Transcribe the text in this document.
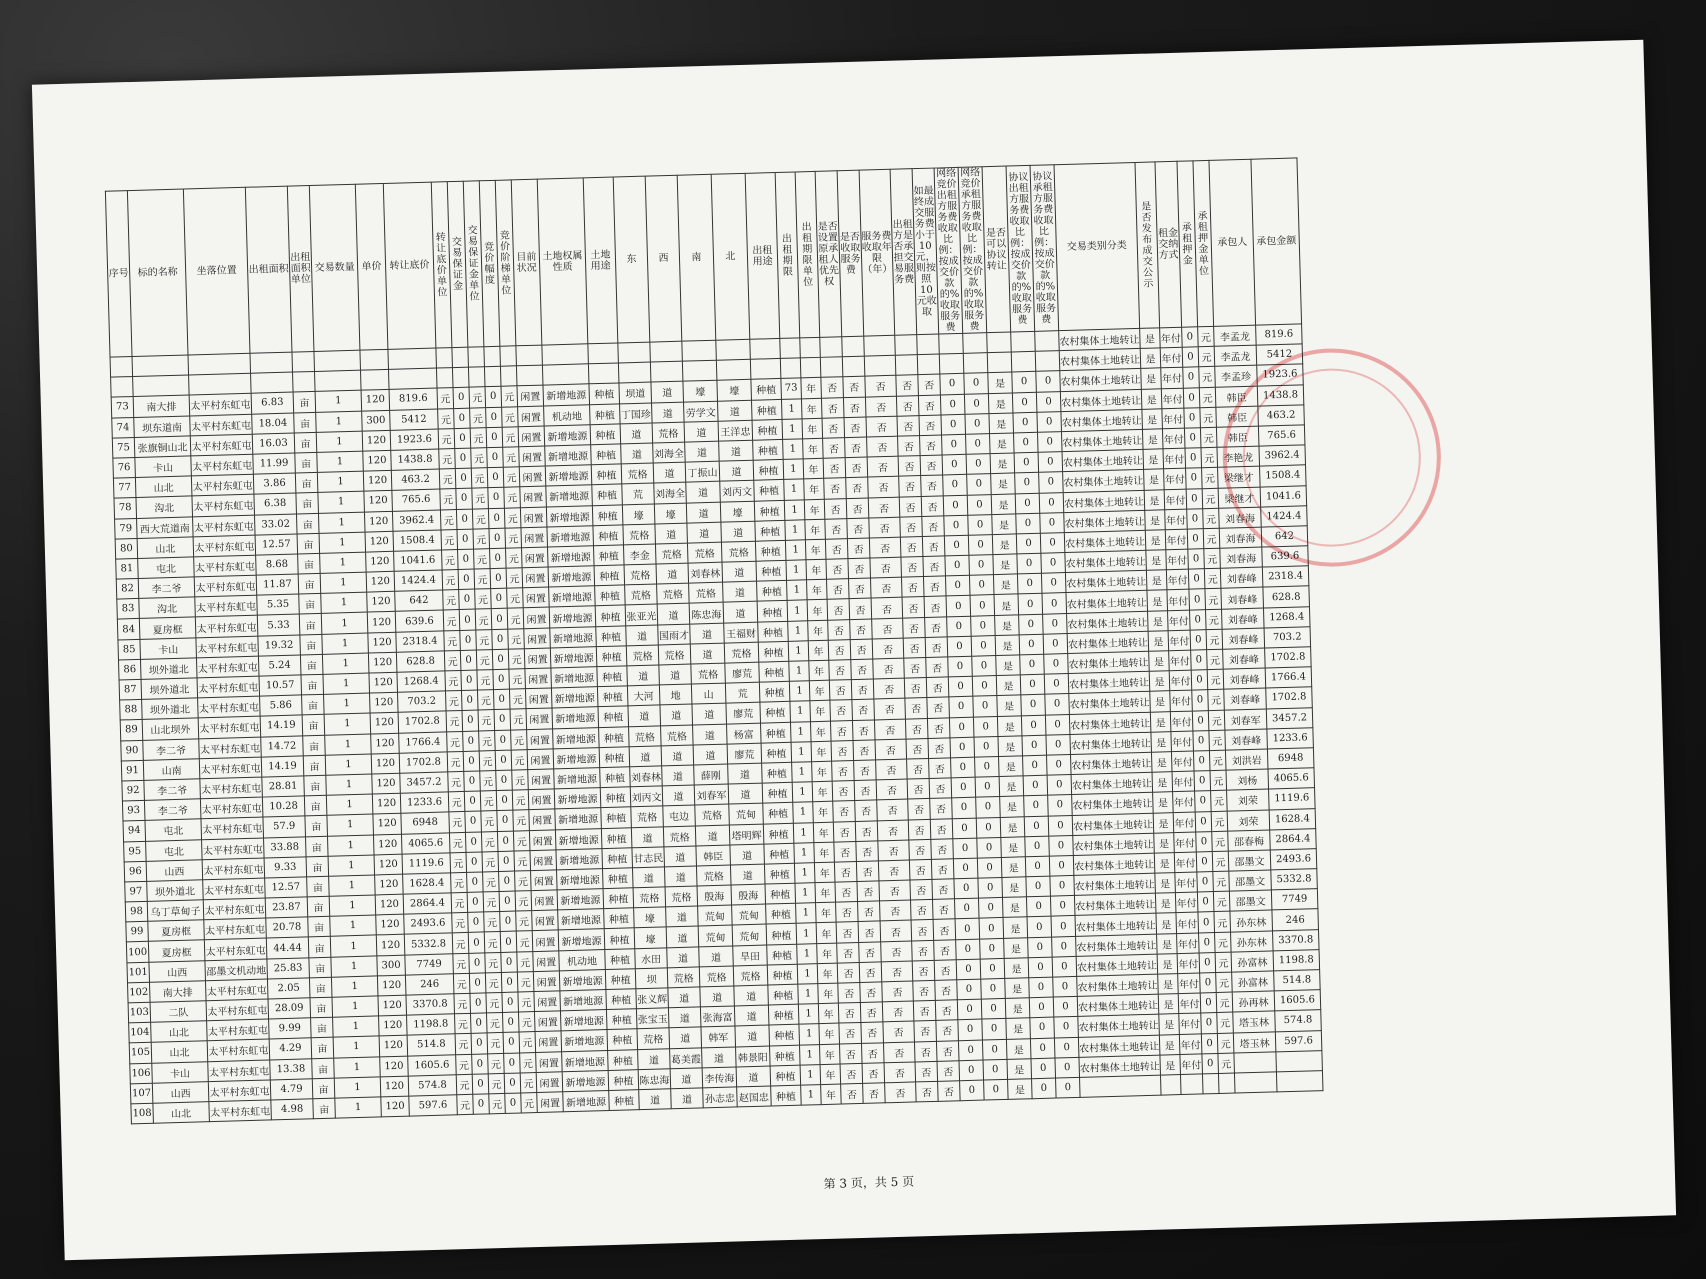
序号	标的名称	坐落位置	出租面积	出租面积单位	交易数量	单价	转让底价	转让底价单位	交易保证金	交易保证金单位	竞价幅度	竞价阶梯单位	目前状况	土地权属性质	土地用途	东	西	南	北	出租用途	出租期限	出租期限单位	是否设置原承租人优先权	是否收取服务费	服务费收取年限（年）	出租方是否承担交易服务费	如最终成交服务费小于10元，则按照10元收取	网络竞价出租方服务费收取比例：按成交价款的%收取服务费	网络竞价承租方服务费收取比例：按成交价款的%收取服务费	是否可以协议转让	协议出租方服务费收取比例：按成交价款的%收取服务费	协议承租方服务费收取比例：按成交价款的%收取服务费	交易类别分类	是否发布成交公示	租金交纳方式	承租押金	承租押金单位	承包人	承包金额
																																	农村集体土地转让	是	年付	0	元	李孟龙	819.6
																																	农村集体土地转让	是	年付	0	元	李孟龙	5412
73	南大排	太平村东虹屯	6.83	亩	1	120	819.6	元	0	元	0	元	闲置	新增地源	种植	坝道	道	壕	壕	种植	73	年	否	否	否	否	否	0	0	是	0	0	农村集体土地转让	是	年付	0	元	李孟珍	1923.6
74	坝东道南	太平村东虹屯	18.04	亩	1	300	5412	元	0	元	0	元	闲置	机动地	种植	丁国珍	道	劳学文	道	种植	1	年	否	否	否	否	否	0	0	是	0	0	农村集体土地转让	是	年付	0	元	韩臣	1438.8
75	张旗铜山北	太平村东虹屯	16.03	亩	1	120	1923.6	元	0	元	0	元	闲置	新增地源	种植	道	荒格	道	王洋忠	种植	1	年	否	否	否	否	否	0	0	是	0	0	农村集体土地转让	是	年付	0	元	韩臣	463.2
76	卡山	太平村东虹屯	11.99	亩	1	120	1438.8	元	0	元	0	元	闲置	新增地源	种植	道	刘海全	道	道	种植	1	年	否	否	否	否	否	0	0	是	0	0	农村集体土地转让	是	年付	0	元	韩臣	765.6
77	山北	太平村东虹屯	3.86	亩	1	120	463.2	元	0	元	0	元	闲置	新增地源	种植	荒格	道	丁振山	道	种植	1	年	否	否	否	否	否	0	0	是	0	0	农村集体土地转让	是	年付	0	元	李艳龙	3962.4
78	沟北	太平村东虹屯	6.38	亩	1	120	765.6	元	0	元	0	元	闲置	新增地源	种植	荒	刘海全	道	刘丙文	种植	1	年	否	否	否	否	否	0	0	是	0	0	农村集体土地转让	是	年付	0	元	梁继才	1508.4
79	西大荒道南	太平村东虹屯	33.02	亩	1	120	3962.4	元	0	元	0	元	闲置	新增地源	种植	壕	壕	道	壕	种植	1	年	否	否	否	否	否	0	0	是	0	0	农村集体土地转让	是	年付	0	元	梁继才	1041.6
80	山北	太平村东虹屯	12.57	亩	1	120	1508.4	元	0	元	0	元	闲置	新增地源	种植	荒格	道	道	道	种植	1	年	否	否	否	否	否	0	0	是	0	0	农村集体土地转让	是	年付	0	元	刘春海	1424.4
81	屯北	太平村东虹屯	8.68	亩	1	120	1041.6	元	0	元	0	元	闲置	新增地源	种植	李金	荒格	荒格	荒格	种植	1	年	否	否	否	否	否	0	0	是	0	0	农村集体土地转让	是	年付	0	元	刘春海	642
82	李二爷	太平村东虹屯	11.87	亩	1	120	1424.4	元	0	元	0	元	闲置	新增地源	种植	荒格	道	刘春林	道	种植	1	年	否	否	否	否	否	0	0	是	0	0	农村集体土地转让	是	年付	0	元	刘春海	639.6
83	沟北	太平村东虹屯	5.35	亩	1	120	642	元	0	元	0	元	闲置	新增地源	种植	荒格	荒格	荒格	道	种植	1	年	否	否	否	否	否	0	0	是	0	0	农村集体土地转让	是	年付	0	元	刘春峰	2318.4
84	夏房框	太平村东虹屯	5.33	亩	1	120	639.6	元	0	元	0	元	闲置	新增地源	种植	张亚光	道	陈忠海	道	种植	1	年	否	否	否	否	否	0	0	是	0	0	农村集体土地转让	是	年付	0	元	刘春峰	628.8
85	卡山	太平村东虹屯	19.32	亩	1	120	2318.4	元	0	元	0	元	闲置	新增地源	种植	道	国雨才	道	王福财	种植	1	年	否	否	否	否	否	0	0	是	0	0	农村集体土地转让	是	年付	0	元	刘春峰	1268.4
86	坝外道北	太平村东虹屯	5.24	亩	1	120	628.8	元	0	元	0	元	闲置	新增地源	种植	荒格	荒格	道	荒格	种植	1	年	否	否	否	否	否	0	0	是	0	0	农村集体土地转让	是	年付	0	元	刘春峰	703.2
87	坝外道北	太平村东虹屯	10.57	亩	1	120	1268.4	元	0	元	0	元	闲置	新增地源	种植	道	道	荒格	廖荒	种植	1	年	否	否	否	否	否	0	0	是	0	0	农村集体土地转让	是	年付	0	元	刘春峰	1702.8
88	坝外道北	太平村东虹屯	5.86	亩	1	120	703.2	元	0	元	0	元	闲置	新增地源	种植	大河	地	山	荒	种植	1	年	否	否	否	否	否	0	0	是	0	0	农村集体土地转让	是	年付	0	元	刘春峰	1766.4
89	山北坝外	太平村东虹屯	14.19	亩	1	120	1702.8	元	0	元	0	元	闲置	新增地源	种植	道	道	道	廖荒	种植	1	年	否	否	否	否	否	0	0	是	0	0	农村集体土地转让	是	年付	0	元	刘春峰	1702.8
90	李二爷	太平村东虹屯	14.72	亩	1	120	1766.4	元	0	元	0	元	闲置	新增地源	种植	荒格	荒格	道	杨富	种植	1	年	否	否	否	否	否	0	0	是	0	0	农村集体土地转让	是	年付	0	元	刘春军	3457.2
91	山南	太平村东虹屯	14.19	亩	1	120	1702.8	元	0	元	0	元	闲置	新增地源	种植	道	道	道	廖荒	种植	1	年	否	否	否	否	否	0	0	是	0	0	农村集体土地转让	是	年付	0	元	刘春峰	1233.6
92	李二爷	太平村东虹屯	28.81	亩	1	120	3457.2	元	0	元	0	元	闲置	新增地源	种植	刘春林	道	薛刚	道	种植	1	年	否	否	否	否	否	0	0	是	0	0	农村集体土地转让	是	年付	0	元	刘洪岩	6948
93	李二爷	太平村东虹屯	10.28	亩	1	120	1233.6	元	0	元	0	元	闲置	新增地源	种植	刘丙文	道	刘春军	道	种植	1	年	否	否	否	否	否	0	0	是	0	0	农村集体土地转让	是	年付	0	元	刘杨	4065.6
94	屯北	太平村东虹屯	57.9	亩	1	120	6948	元	0	元	0	元	闲置	新增地源	种植	荒格	屯边	荒格	荒甸	种植	1	年	否	否	否	否	否	0	0	是	0	0	农村集体土地转让	是	年付	0	元	刘荣	1119.6
95	屯北	太平村东虹屯	33.88	亩	1	120	4065.6	元	0	元	0	元	闲置	新增地源	种植	道	荒格	道	塔明辉	种植	1	年	否	否	否	否	否	0	0	是	0	0	农村集体土地转让	是	年付	0	元	刘荣	1628.4
96	山西	太平村东虹屯	9.33	亩	1	120	1119.6	元	0	元	0	元	闲置	新增地源	种植	甘志民	道	韩臣	道	种植	1	年	否	否	否	否	否	0	0	是	0	0	农村集体土地转让	是	年付	0	元	邵春梅	2864.4
97	坝外道北	太平村东虹屯	12.57	亩	1	120	1628.4	元	0	元	0	元	闲置	新增地源	种植	道	道	荒格	道	种植	1	年	否	否	否	否	否	0	0	是	0	0	农村集体土地转让	是	年付	0	元	邵墨文	2493.6
98	乌丁草甸子	太平村东虹屯	23.87	亩	1	120	2864.4	元	0	元	0	元	闲置	新增地源	种植	荒格	荒格	殷海	殷海	种植	1	年	否	否	否	否	否	0	0	是	0	0	农村集体土地转让	是	年付	0	元	邵墨文	5332.8
99	夏房框	太平村东虹屯	20.78	亩	1	120	2493.6	元	0	元	0	元	闲置	新增地源	种植	壕	道	荒甸	荒甸	种植	1	年	否	否	否	否	否	0	0	是	0	0	农村集体土地转让	是	年付	0	元	邵墨文	7749
100	夏房框	太平村东虹屯	44.44	亩	1	120	5332.8	元	0	元	0	元	闲置	新增地源	种植	壕	道	荒甸	荒甸	种植	1	年	否	否	否	否	否	0	0	是	0	0	农村集体土地转让	是	年付	0	元	孙东林	246
101	山西	邵墨文机动地	25.83	亩	1	300	7749	元	0	元	0	元	闲置	机动地	种植	水田	道	道	旱田	种植	1	年	否	否	否	否	否	0	0	是	0	0	农村集体土地转让	是	年付	0	元	孙东林	3370.8
102	南大排	太平村东虹屯	2.05	亩	1	120	246	元	0	元	0	元	闲置	新增地源	种植	坝	荒格	荒格	荒格	种植	1	年	否	否	否	否	否	0	0	是	0	0	农村集体土地转让	是	年付	0	元	孙富林	1198.8
103	二队	太平村东虹屯	28.09	亩	1	120	3370.8	元	0	元	0	元	闲置	新增地源	种植	张义辉	道	道	道	种植	1	年	否	否	否	否	否	0	0	是	0	0	农村集体土地转让	是	年付	0	元	孙富林	514.8
104	山北	太平村东虹屯	9.99	亩	1	120	1198.8	元	0	元	0	元	闲置	新增地源	种植	张宝玉	道	张海富	道	种植	1	年	否	否	否	否	否	0	0	是	0	0	农村集体土地转让	是	年付	0	元	孙再林	1605.6
105	山北	太平村东虹屯	4.29	亩	1	120	514.8	元	0	元	0	元	闲置	新增地源	种植	荒格	道	韩军	道	种植	1	年	否	否	否	否	否	0	0	是	0	0	农村集体土地转让	是	年付	0	元	塔玉林	574.8
106	卡山	太平村东虹屯	13.38	亩	1	120	1605.6	元	0	元	0	元	闲置	新增地源	种植	道	葛美霞	道	韩景阳	种植	1	年	否	否	否	否	否	0	0	是	0	0	农村集体土地转让	是	年付	0	元	塔玉林	597.6
107	山西	太平村东虹屯	4.79	亩	1	120	574.8	元	0	元	0	元	闲置	新增地源	种植	陈忠海	道	李传海	道	种植	1	年	否	否	否	否	否	0	0	是	0	0	农村集体土地转让	是	年付	0	元		
108	山北	太平村东虹屯	4.98	亩	1	120	597.6	元	0	元	0	元	闲置	新增地源	种植	道	道	孙志忠	赵国忠	种植	1	年	否	否	否	否	否	0	0	是	0	0							
第 3 页，共 5 页
